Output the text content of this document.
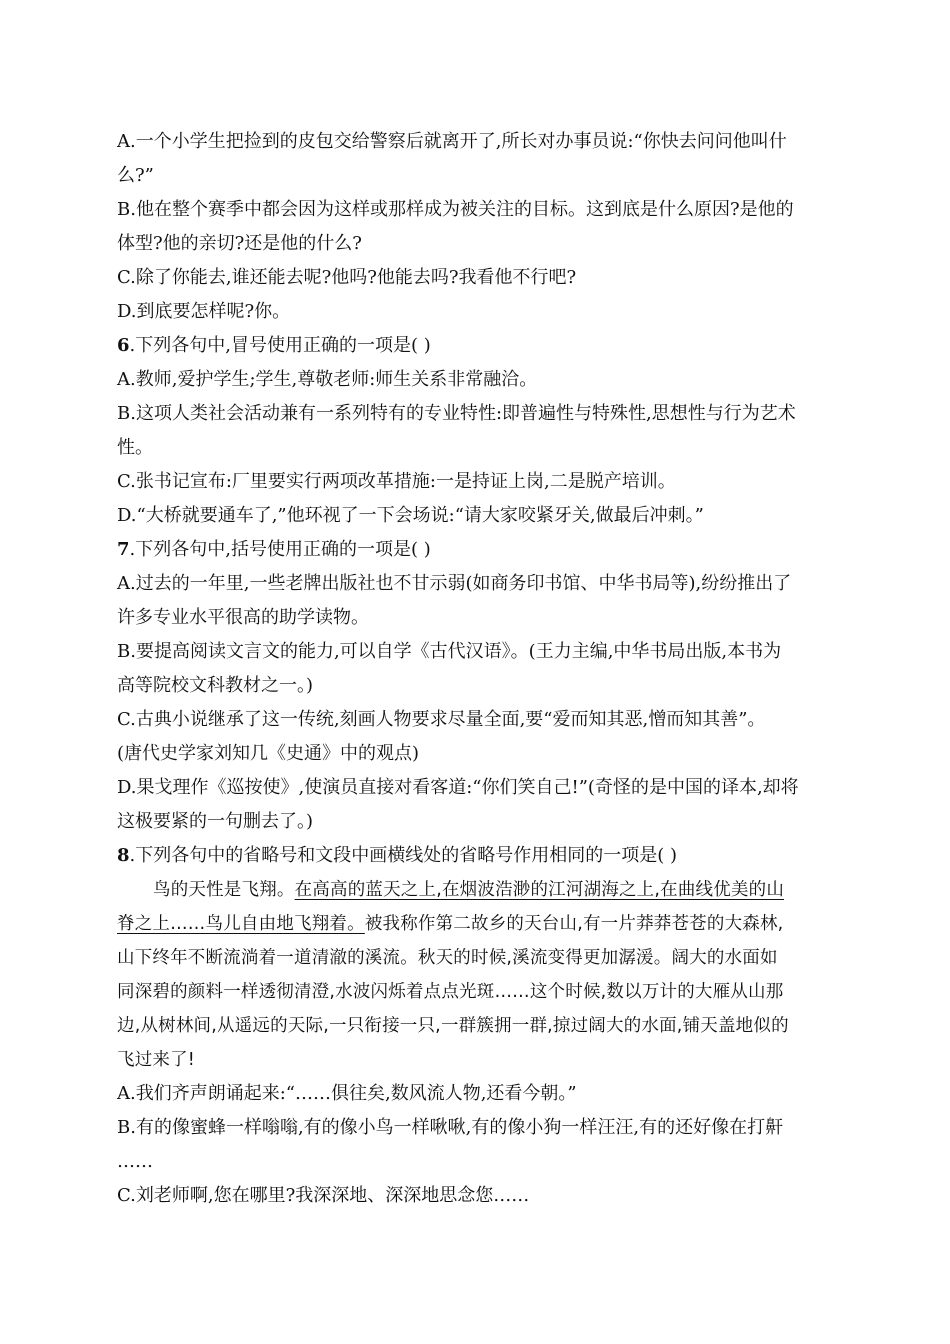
A.一个小学生把捡到的皮包交给警察后就离开了,所长对办事员说:“你快去问问他叫什
么?”
B.他在整个赛季中都会因为这样或那样成为被关注的目标。这到底是什么原因?是他的
体型?他的亲切?还是他的什么?
C.除了你能去,谁还能去呢?他吗?他能去吗?我看他不行吧?
D.到底要怎样呢?你。
6.下列各句中,冒号使用正确的一项是( )
A.教师,爱护学生;学生,尊敬老师:师生关系非常融洽。
B.这项人类社会活动兼有一系列特有的专业特性:即普遍性与特殊性,思想性与行为艺术
性。
C.张书记宣布:厂里要实行两项改革措施:一是持证上岗,二是脱产培训。
D.“大桥就要通车了,”他环视了一下会场说:“请大家咬紧牙关,做最后冲刺。”
7.下列各句中,括号使用正确的一项是( )
A.过去的一年里,一些老牌出版社也不甘示弱(如商务印书馆、中华书局等),纷纷推出了
许多专业水平很高的助学读物。
B.要提高阅读文言文的能力,可以自学《古代汉语》。(王力主编,中华书局出版,本书为
高等院校文科教材之一。)
C.古典小说继承了这一传统,刻画人物要求尽量全面,要“爱而知其恶,憎而知其善”。
(唐代史学家刘知几《史通》中的观点)
D.果戈理作《巡按使》,使演员直接对看客道:“你们笑自己!”(奇怪的是中国的译本,却将
这极要紧的一句删去了。)
8.下列各句中的省略号和文段中画横线处的省略号作用相同的一项是( )
鸟的天性是飞翔。在高高的蓝天之上,在烟波浩渺的江河湖海之上,在曲线优美的山
脊之上……鸟儿自由地飞翔着。被我称作第二故乡的天台山,有一片莽莽苍苍的大森林,
山下终年不断流淌着一道清澈的溪流。秋天的时候,溪流变得更加潺湲。阔大的水面如
同深碧的颜料一样透彻清澄,水波闪烁着点点光斑……这个时候,数以万计的大雁从山那
边,从树林间,从遥远的天际,一只衔接一只,一群簇拥一群,掠过阔大的水面,铺天盖地似的
飞过来了!
A.我们齐声朗诵起来:“……俱往矣,数风流人物,还看今朝。”
B.有的像蜜蜂一样嗡嗡,有的像小鸟一样啾啾,有的像小狗一样汪汪,有的还好像在打鼾
……
C.刘老师啊,您在哪里?我深深地、深深地思念您……
